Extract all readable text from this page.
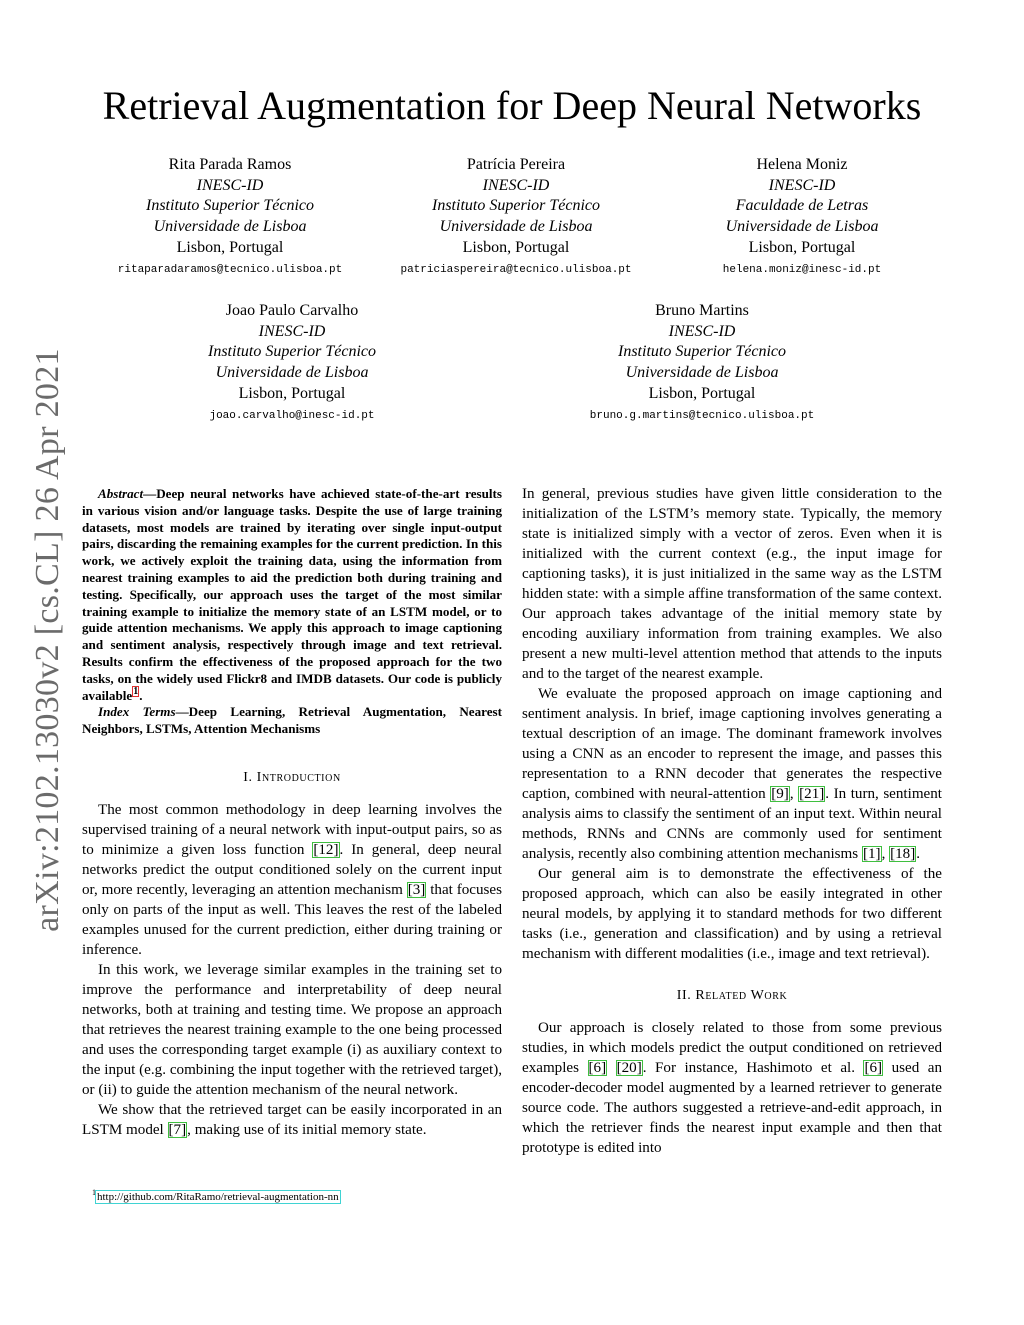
arXiv:2102.13030v2 [cs.CL] 26 Apr 2021
Retrieval Augmentation for Deep Neural Networks
Rita Parada Ramos
INESC-ID
Instituto Superior Técnico
Universidade de Lisboa
Lisbon, Portugal
ritaparadaramos@tecnico.ulisboa.pt
Patrícia Pereira
INESC-ID
Instituto Superior Técnico
Universidade de Lisboa
Lisbon, Portugal
patriciaspereira@tecnico.ulisboa.pt
Helena Moniz
INESC-ID
Faculdade de Letras
Universidade de Lisboa
Lisbon, Portugal
helena.moniz@inesc-id.pt
Joao Paulo Carvalho
INESC-ID
Instituto Superior Técnico
Universidade de Lisboa
Lisbon, Portugal
joao.carvalho@inesc-id.pt
Bruno Martins
INESC-ID
Instituto Superior Técnico
Universidade de Lisboa
Lisbon, Portugal
bruno.g.martins@tecnico.ulisboa.pt

Abstract—Deep neural networks have achieved state-of-the-art results in various vision and/or language tasks. Despite the use of large training datasets, most models are trained by iterating over single input-output pairs, discarding the remaining examples for the current prediction. In this work, we actively exploit the training data, using the information from nearest training examples to aid the prediction both during training and testing. Specifically, our approach uses the target of the most similar training example to initialize the memory state of an LSTM model, or to guide attention mechanisms. We apply this approach to image captioning and sentiment analysis, respectively through image and text retrieval. Results confirm the effectiveness of the proposed approach for the two tasks, on the widely used Flickr8 and IMDB datasets. Our code is publicly available$^1$.

Index Terms—Deep Learning, Retrieval Augmentation, Nearest Neighbors, LSTMs, Attention Mechanisms

I. Introduction

The most common methodology in deep learning involves the supervised training of a neural network with input-output pairs, so as to minimize a given loss function [12]. In general, deep neural networks predict the output conditioned solely on the current input or, more recently, leveraging an attention mechanism [3] that focuses only on parts of the input as well. This leaves the rest of the labeled examples unused for the current prediction, either during training or inference.

In this work, we leverage similar examples in the training set to improve the performance and interpretability of deep neural networks, both at training and testing time. We propose an approach that retrieves the nearest training example to the one being processed and uses the corresponding target example (i) as auxiliary context to the input (e.g. combining the input together with the retrieved target), or (ii) to guide the attention mechanism of the neural network.

We show that the retrieved target can be easily incorporated in an LSTM model [7], making use of its initial memory state.

In general, previous studies have given little consideration to the initialization of the LSTM’s memory state. Typically, the memory state is initialized simply with a vector of zeros. Even when it is initialized with the current context (e.g., the input image for captioning tasks), it is just initialized in the same way as the LSTM hidden state: with a simple affine transformation of the same context. Our approach takes advantage of the initial memory state by encoding auxiliary information from training examples. We also present a new multi-level attention method that attends to the inputs and to the target of the nearest example.

We evaluate the proposed approach on image captioning and sentiment analysis. In brief, image captioning involves generating a textual description of an image. The dominant framework involves using a CNN as an encoder to represent the image, and passes this representation to a RNN decoder that generates the respective caption, combined with neural-attention [9], [21]. In turn, sentiment analysis aims to classify the sentiment of an input text. Within neural methods, RNNs and CNNs are commonly used for sentiment analysis, recently also combining attention mechanisms [1], [18].

Our general aim is to demonstrate the effectiveness of the proposed approach, which can also be easily integrated in other neural models, by applying it to standard methods for two different tasks (i.e., generation and classification) and by using a retrieval mechanism with different modalities (i.e., image and text retrieval).

II. Related Work

Our approach is closely related to those from some previous studies, in which models predict the output conditioned on retrieved examples [6] [20]. For instance, Hashimoto et al. [6] used an encoder-decoder model augmented by a learned retriever to generate source code. The authors suggested a retrieve-and-edit approach, in which the retriever finds the nearest input example and then that prototype is edited into

$^1$http://github.com/RitaRamo/retrieval-augmentation-nn
